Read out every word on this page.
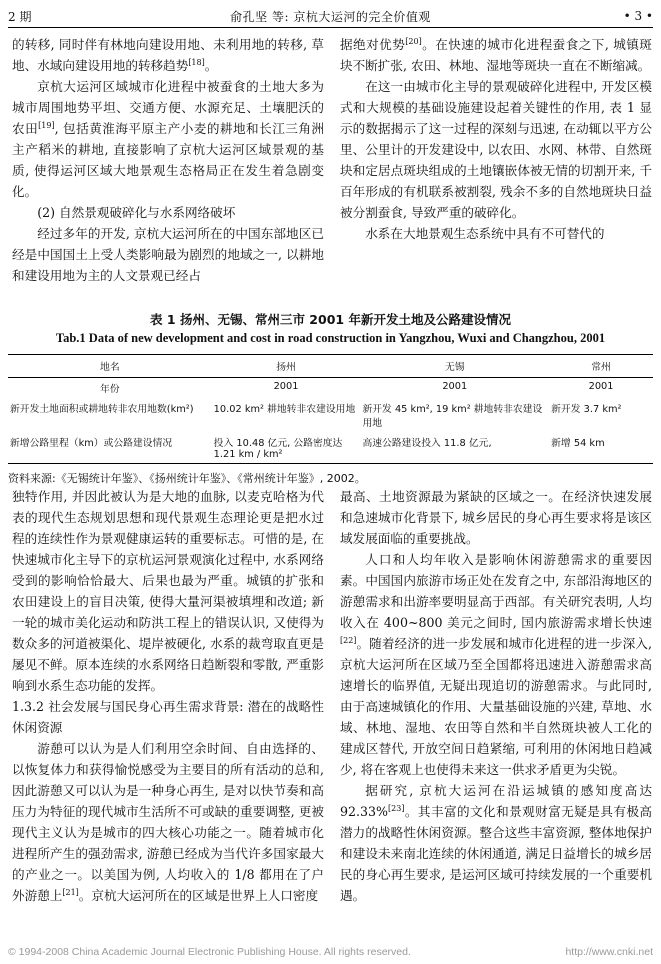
2 期	俞孔坚 等: 京杭大运河的完全价值观	• 3 •

的转移, 同时伴有林地向建设用地、未利用地的转移, 草地、水域向建设用地的转移趋势[18]。

京杭大运河区域城市化进程中被蚕食的土地大多为城市周围地势平坦、交通方便、水源充足、土壤肥沃的农田[19], 包括黄淮海平原主产小麦的耕地和长江三角洲主产稻米的耕地, 直接影响了京杭大运河区域景观的基质, 使得运河区域大地景观生态格局正在发生着急剧变化。

(2) 自然景观破碎化与水系网络破坏

经过多年的开发, 京杭大运河所在的中国东部地区已经是中国国土上受人类影响最为剧烈的地域之一, 以耕地和建设用地为主的人文景观已经占

据绝对优势[20]。在快速的城市化进程蚕食之下, 城镇斑块不断扩张, 农田、林地、湿地等斑块一直在不断缩减。

在这一由城市化主导的景观破碎化进程中, 开发区模式和大规模的基础设施建设起着关键性的作用, 表 1 显示的数据揭示了这一过程的深刻与迅速, 在动辄以平方公里、公里计的开发建设中, 以农田、水网、林带、自然斑块和定居点斑块组成的土地镶嵌体被无情的切割开来, 千百年形成的有机联系被割裂, 残余不多的自然地斑块日益被分割蚕食, 导致严重的破碎化。

水系在大地景观生态系统中具有不可替代的

表 1 扬州、无锡、常州三市 2001 年新开发土地及公路建设情况
Tab.1 Data of new development and cost in road construction in Yangzhou, Wuxi and Changzhou, 2001
地名	扬州	无锡	常州
年份	2001	2001	2001
新开发土地面积或耕地转非农用地数(km²)	10.02 km² 耕地转非农建设用地	新开发 45 km², 19 km² 耕地转非农建设用地	新开发 3.7 km²
新增公路里程（km）或公路建设情况	投入 10.48 亿元, 公路密度达 1.21 km / km²	高速公路建设投入 11.8 亿元,	新增 54 km
资料来源:《无锡统计年鉴》、《扬州统计年鉴》、《常州统计年鉴》, 2002。

独特作用, 并因此被认为是大地的血脉, 以麦克哈格为代表的现代生态规划思想和现代景观生态理论更是把水过程的连续性作为景观健康运转的重要标志。可惜的是, 在快速城市化主导下的京杭运河景观演化过程中, 水系网络受到的影响恰恰最大、后果也最为严重。城镇的扩张和农田建设上的盲目决策, 使得大量河渠被填埋和改道; 新一轮的城市美化运动和防洪工程上的错误认识, 又使得为数众多的河道被渠化、堤岸被硬化, 水系的裁弯取直更是屡见不鲜。原本连续的水系网络日趋断裂和零散, 严重影响到水系生态功能的发挥。

1.3.2 社会发展与国民身心再生需求背景: 潜在的战略性休闲资源

游憩可以认为是人们利用空余时间、自由选择的、以恢复体力和获得愉悦感受为主要目的所有活动的总和, 因此游憩又可以认为是一种身心再生, 是对以快节奏和高压力为特征的现代城市生活所不可或缺的重要调整, 更被现代主义认为是城市的四大核心功能之一。随着城市化进程所产生的强劲需求, 游憩已经成为当代许多国家最大的产业之一。以美国为例, 人均收入的 1/8 都用在了户外游憩上[21]。京杭大运河所在的区域是世界上人口密度

最高、土地资源最为紧缺的区域之一。在经济快速发展和急速城市化背景下, 城乡居民的身心再生要求将是该区域发展面临的重要挑战。

人口和人均年收入是影响休闲游憩需求的重要因素。中国国内旅游市场正处在发育之中, 东部沿海地区的游憩需求和出游率要明显高于西部。有关研究表明, 人均收入在 400~800 美元之间时, 国内旅游需求增长快速[22]。随着经济的进一步发展和城市化进程的进一步深入, 京杭大运河所在区域乃至全国都将迅速进入游憩需求高速增长的临界值, 无疑出现追切的游憩需求。与此同时, 由于高速城镇化的作用、大量基础设施的兴建, 草地、水域、林地、湿地、农田等自然和半自然斑块被人工化的建成区替代, 开放空间日趋紧缩, 可利用的休闲地日趋减少, 将在客观上也使得未来这一供求矛盾更为尖锐。

据研究, 京杭大运河在沿运城镇的感知度高达 92.33%[23]。其丰富的文化和景观财富无疑是具有极高潜力的战略性休闲资源。整合这些丰富资源, 整体地保护和建设未来南北连续的休闲通道, 满足日益增长的城乡居民的身心再生要求, 是运河区域可持续发展的一个重要机遇。

© 1994-2008 China Academic Journal Electronic Publishing House. All rights reserved.	http://www.cnki.net
